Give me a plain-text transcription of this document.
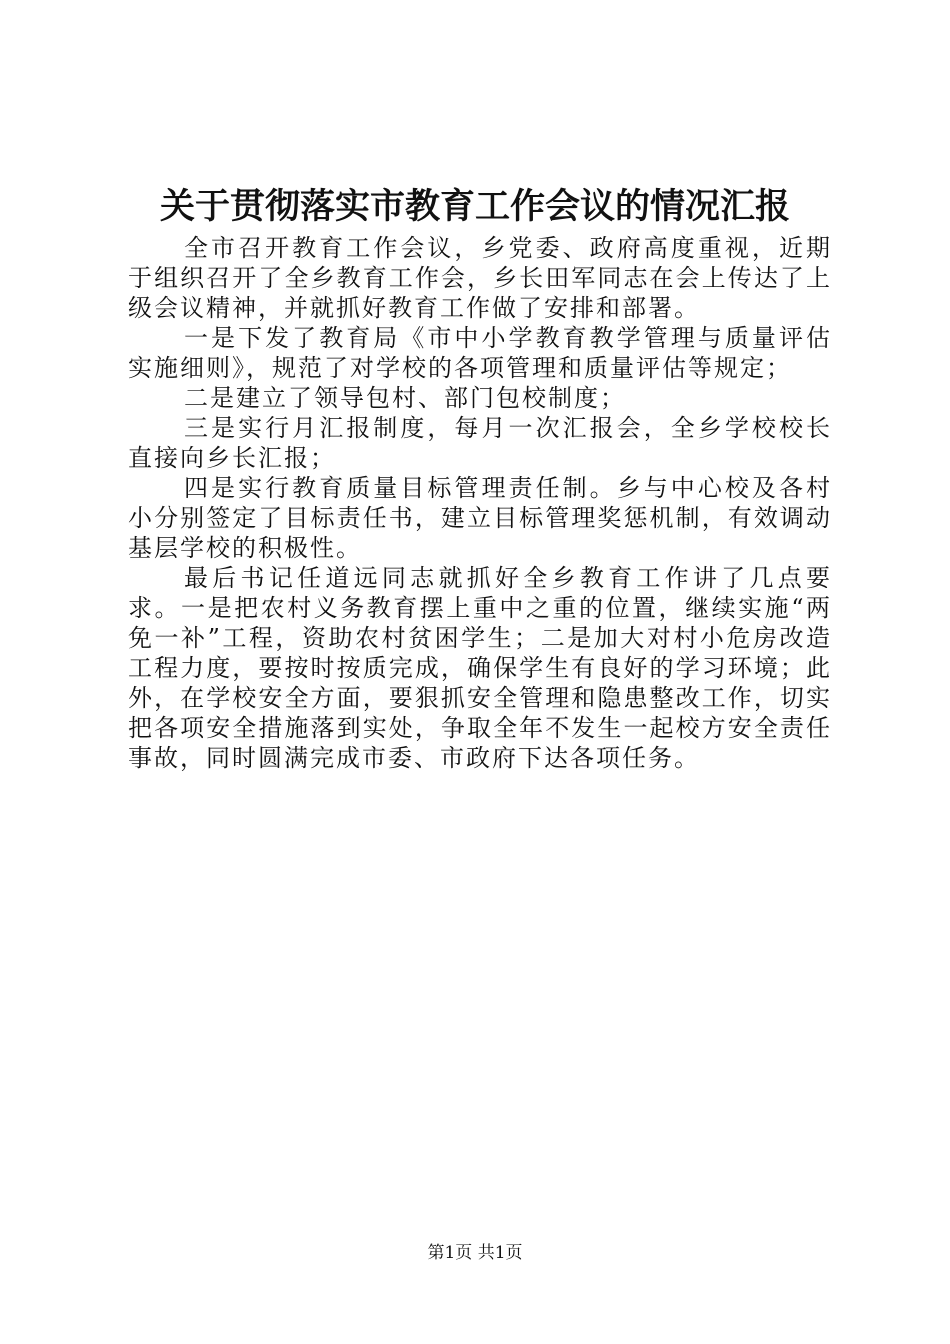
关于贯彻落实市教育工作会议的情况汇报

全市召开教育工作会议，乡党委、政府高度重视，近期于组织召开了全乡教育工作会，乡长田军同志在会上传达了上级会议精神，并就抓好教育工作做了安排和部署。

一是下发了教育局《市中小学教育教学管理与质量评估实施细则》，规范了对学校的各项管理和质量评估等规定；

二是建立了领导包村、部门包校制度；

三是实行月汇报制度，每月一次汇报会，全乡学校校长直接向乡长汇报；

四是实行教育质量目标管理责任制。乡与中心校及各村小分别签定了目标责任书，建立目标管理奖惩机制，有效调动基层学校的积极性。

最后书记任道远同志就抓好全乡教育工作讲了几点要求。一是把农村义务教育摆上重中之重的位置，继续实施“两免一补”工程，资助农村贫困学生；二是加大对村小危房改造工程力度，要按时按质完成，确保学生有良好的学习环境；此外，在学校安全方面，要狠抓安全管理和隐患整改工作，切实把各项安全措施落到实处，争取全年不发生一起校方安全责任事故，同时圆满完成市委、市政府下达各项任务。

第1页 共1页
